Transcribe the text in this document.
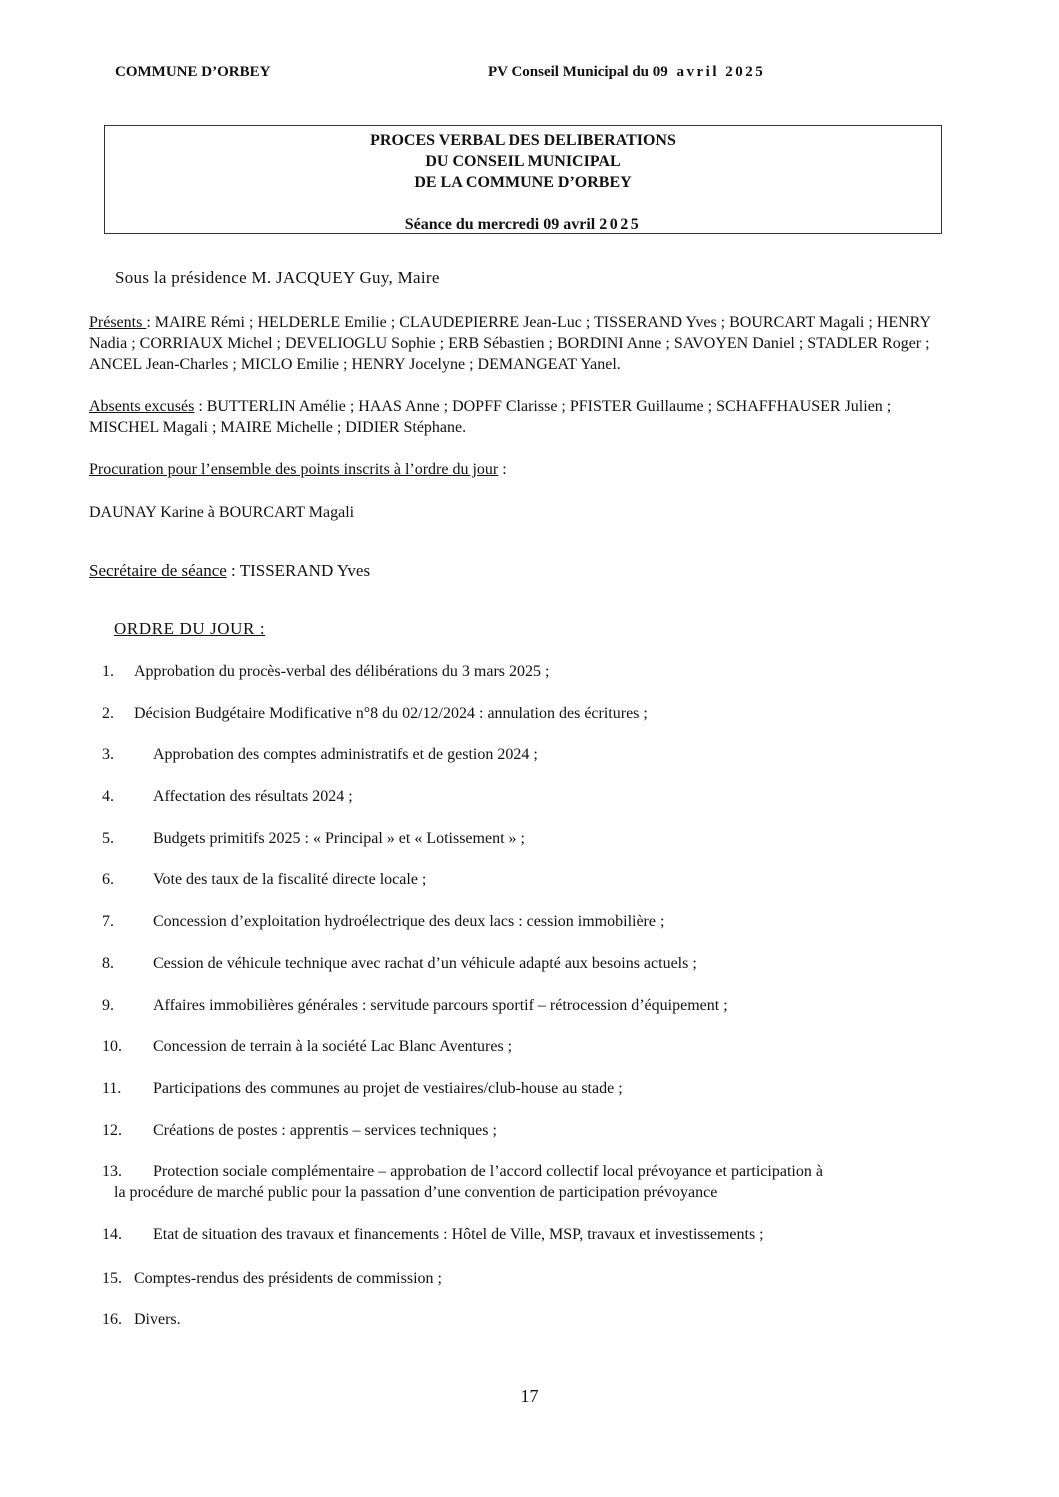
COMMUNE D’ORBEY	PV Conseil Municipal du 09 avril 2025
PROCES VERBAL DES DELIBERATIONS
DU CONSEIL MUNICIPAL
DE LA COMMUNE D’ORBEY
Séance du mercredi 09 avril 2025
Sous la présidence M. JACQUEY Guy, Maire
Présents : MAIRE Rémi ; HELDERLE Emilie ; CLAUDEPIERRE Jean-Luc ; TISSERAND Yves ; BOURCART Magali ; HENRY Nadia ; CORRIAUX Michel ; DEVELIOGLU Sophie ; ERB Sébastien ; BORDINI Anne ; SAVOYEN Daniel ; STADLER Roger ; ANCEL Jean-Charles ; MICLO Emilie ; HENRY Jocelyne ; DEMANGEAT Yanel.
Absents excusés : BUTTERLIN Amélie ; HAAS Anne ; DOPFF Clarisse ; PFISTER Guillaume ; SCHAFFHAUSER Julien ; MISCHEL Magali ; MAIRE Michelle ; DIDIER Stéphane.
Procuration pour l’ensemble des points inscrits à l’ordre du jour :
DAUNAY Karine à BOURCART Magali
Secrétaire de séance : TISSERAND Yves
ORDRE DU JOUR :
1. Approbation du procès-verbal des délibérations du 3 mars 2025 ;
2. Décision Budgétaire Modificative n°8 du 02/12/2024 : annulation des écritures ;
3. Approbation des comptes administratifs et de gestion 2024 ;
4. Affectation des résultats 2024 ;
5. Budgets primitifs 2025 : « Principal » et « Lotissement » ;
6. Vote des taux de la fiscalité directe locale ;
7. Concession d’exploitation hydroélectrique des deux lacs : cession immobilière ;
8. Cession de véhicule technique avec rachat d’un véhicule adapté aux besoins actuels ;
9. Affaires immobilières générales : servitude parcours sportif – rétrocession d’équipement ;
10. Concession de terrain à la société Lac Blanc Aventures ;
11. Participations des communes au projet de vestiaires/club-house au stade ;
12. Créations de postes : apprentis – services techniques ;
13. Protection sociale complémentaire – approbation de l’accord collectif local prévoyance et participation à
la procédure de marché public pour la passation d’une convention de participation prévoyance
14. Etat de situation des travaux et financements : Hôtel de Ville, MSP, travaux et investissements ;
15. Comptes-rendus des présidents de commission ;
16. Divers.
17
